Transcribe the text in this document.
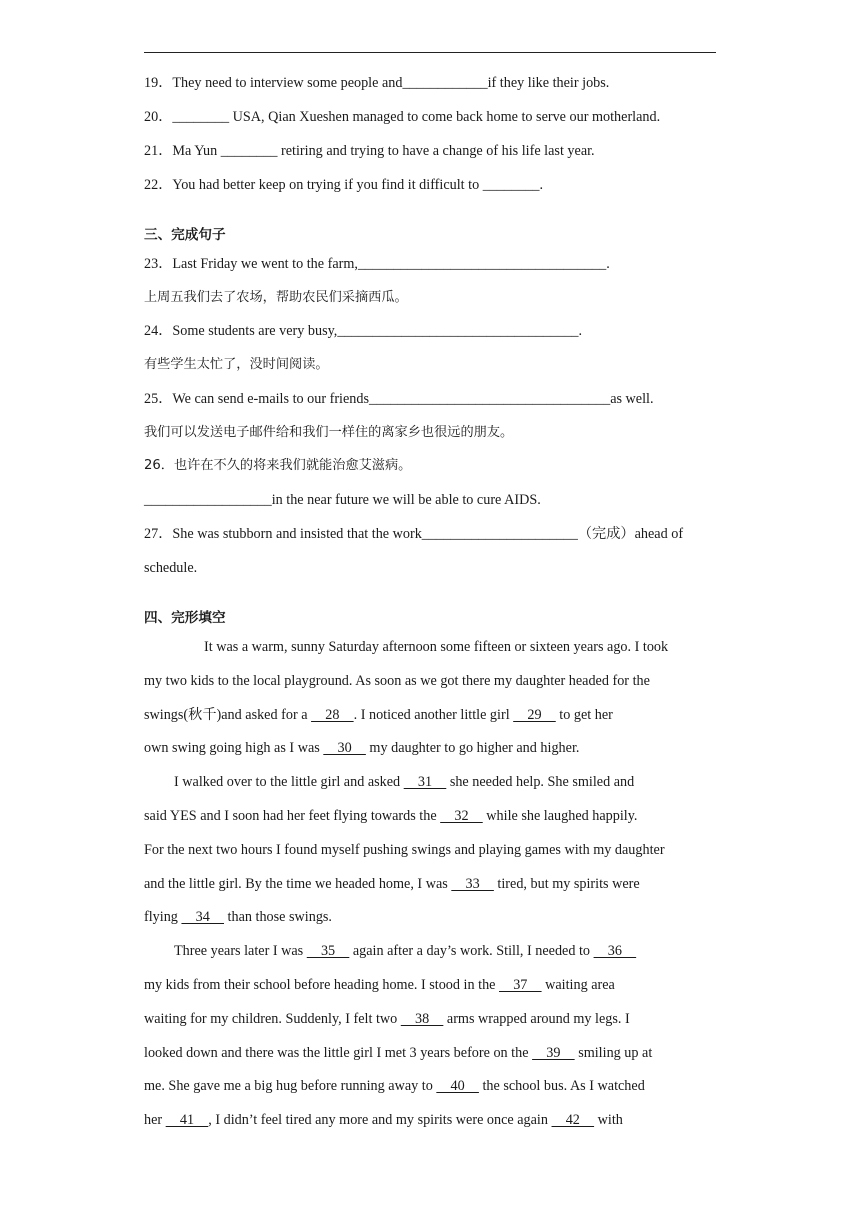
19．They need to interview some people and____________if they like their jobs.
20．________ USA, Qian Xueshen managed to come back home to serve our motherland.
21．Ma Yun ________ retiring and trying to have a change of his life last year.
22．You had better keep on trying if you find it difficult to ________.
三、完成句子
23．Last Friday we went to the farm,___________________________________.
上周五我们去了农场，帮助农民们采摘西瓜。
24．Some students are very busy,__________________________________.
有些学生太忙了，没时间阅读。
25．We can send e-mails to our friends__________________________________as well.
我们可以发送电子邮件给和我们一样住的离家乡也很远的朋友。
26．也许在不久的将来我们就能治愈艾滋病。
__________________in the near future we will be able to cure AIDS.
27．She was stubborn and insisted that the work______________________（完成）ahead of
schedule.
四、完形填空
It was a warm, sunny Saturday afternoon some fifteen or sixteen years ago. I took
my two kids to the local playground. As soon as we got there my daughter headed for the
swings(秋千)and asked for a     28    . I noticed another little girl     29     to get her
own swing going high as I was     30     my daughter to go higher and higher.
I walked over to the little girl and asked     31     she needed help. She smiled and
said YES and I soon had her feet flying towards the     32     while she laughed happily.
For the next two hours I found myself pushing swings and playing games with my daughter
and the little girl. By the time we headed home, I was     33     tired, but my spirits were
flying     34     than those swings.
Three years later I was     35     again after a day’s work. Still, I needed to     36
my kids from their school before heading home. I stood in the     37     waiting area
waiting for my children. Suddenly, I felt two     38     arms wrapped around my legs. I
looked down and there was the little girl I met 3 years before on the     39     smiling up at
me. She gave me a big hug before running away to     40     the school bus. As I watched
her     41    , I didn’t feel tired any more and my spirits were once again     42     with
